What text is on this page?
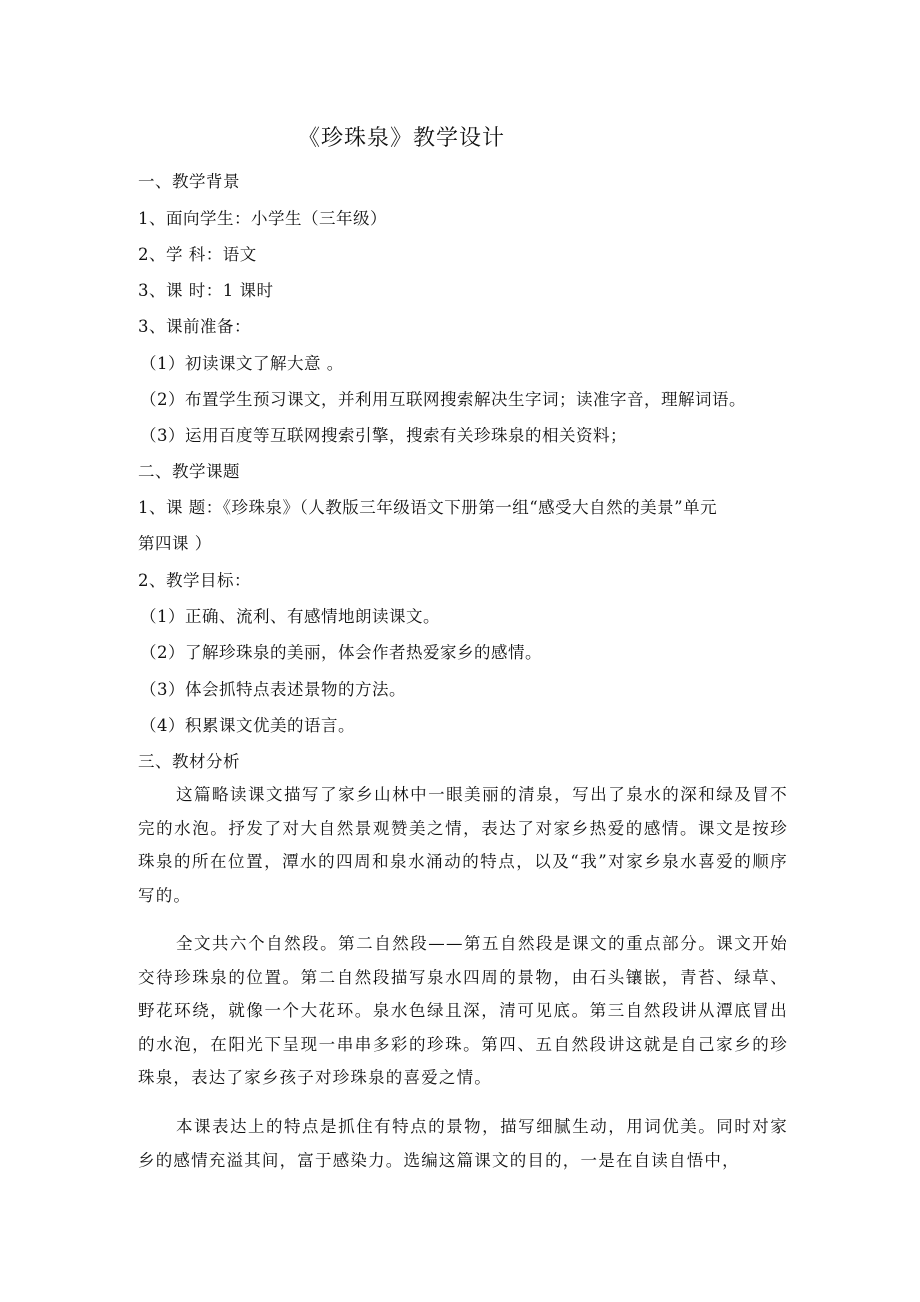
《珍珠泉》教学设计
一、教学背景
1、面向学生：小学生（三年级）
2、学 科：语文
3、课 时：1 课时
3、课前准备：
（1）初读课文了解大意 。
（2）布置学生预习课文，并利用互联网搜索解决生字词；读准字音，理解词语。
（3）运用百度等互联网搜索引擎，搜索有关珍珠泉的相关资料；
二、教学课题
1、课 题：《珍珠泉》（人教版三年级语文下册第一组“感受大自然的美景”单元
第四课 ）
2、教学目标：
（1）正确、流利、有感情地朗读课文。
（2）了解珍珠泉的美丽，体会作者热爱家乡的感情。
（3）体会抓特点表述景物的方法。
（4）积累课文优美的语言。
三、教材分析
这篇略读课文描写了家乡山林中一眼美丽的清泉，写出了泉水的深和绿及冒不完的水泡。抒发了对大自然景观赞美之情，表达了对家乡热爱的感情。课文是按珍珠泉的所在位置，潭水的四周和泉水涌动的特点，以及“我”对家乡泉水喜爱的顺序写的。
全文共六个自然段。第二自然段——第五自然段是课文的重点部分。课文开始交待珍珠泉的位置。第二自然段描写泉水四周的景物，由石头镶嵌，青苔、绿草、野花环绕，就像一个大花环。泉水色绿且深，清可见底。第三自然段讲从潭底冒出的水泡，在阳光下呈现一串串多彩的珍珠。第四、五自然段讲这就是自己家乡的珍珠泉，表达了家乡孩子对珍珠泉的喜爱之情。
本课表达上的特点是抓住有特点的景物，描写细腻生动，用词优美。同时对家乡的感情充溢其间，富于感染力。选编这篇课文的目的，一是在自读自悟中，
